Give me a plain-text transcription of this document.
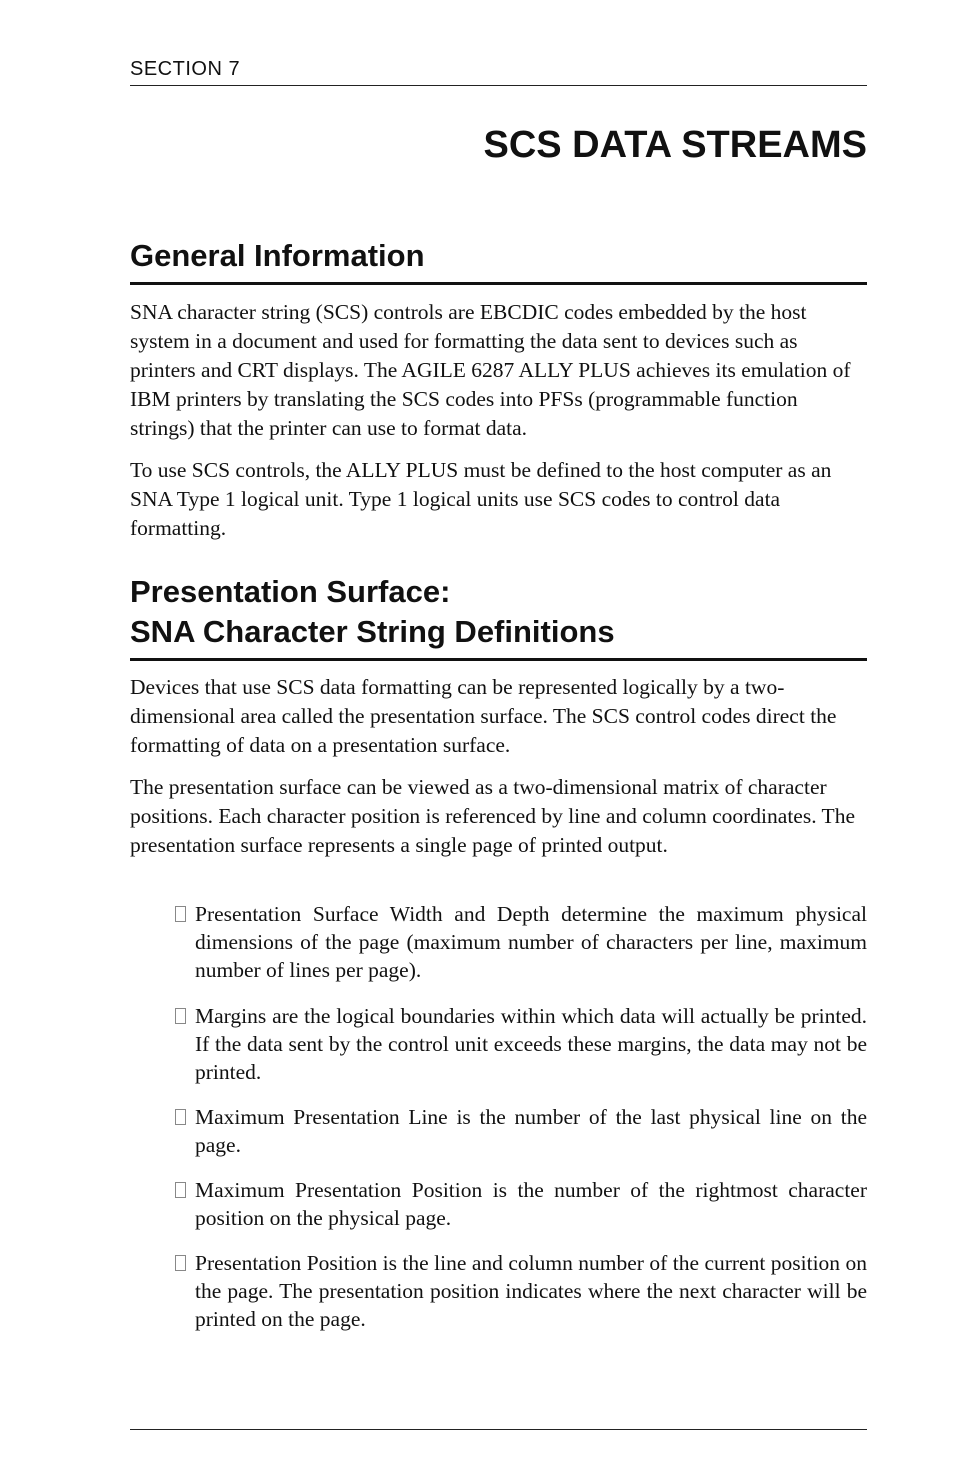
SECTION 7
SCS DATA STREAMS
General Information

SNA character string (SCS) controls are EBCDIC codes embedded by the host system in a document and used for formatting the data sent to devices such as printers and CRT displays. The AGILE 6287 ALLY PLUS achieves its emulation of IBM printers by translating the SCS codes into PFSs (programmable function strings) that the printer can use to format data.

To use SCS controls, the ALLY PLUS must be defined to the host computer as an SNA Type 1 logical unit. Type 1 logical units use SCS codes to control data formatting.

Presentation Surface:
SNA Character String Definitions

Devices that use SCS data formatting can be represented logically by a two-dimensional area called the presentation surface. The SCS control codes direct the formatting of data on a presentation surface.

The presentation surface can be viewed as a two-dimensional matrix of character positions. Each character position is referenced by line and column coordinates. The presentation surface represents a single page of printed output.

Presentation Surface Width and Depth determine the maximum physical dimensions of the page (maximum number of characters per line, maximum number of lines per page).
Margins are the logical boundaries within which data will actually be printed. If the data sent by the control unit exceeds these margins, the data may not be printed.
Maximum Presentation Line is the number of the last physical line on the page.
Maximum Presentation Position is the number of the rightmost character position on the physical page.
Presentation Position is the line and column number of the current position on the page. The presentation position indicates where the next character will be printed on the page.
